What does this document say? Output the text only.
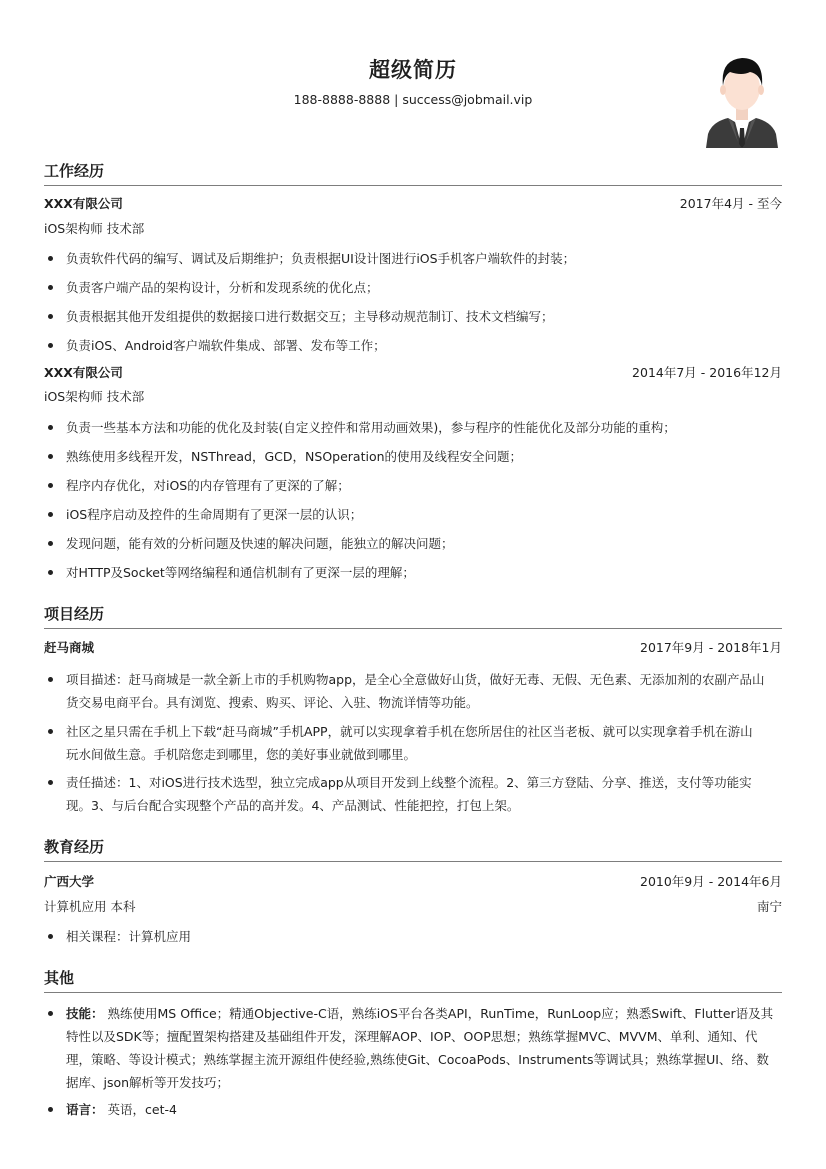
超级简历
188-8888-8888 | success@jobmail.vip
工作经历
XXX有限公司	2017年4月 - 至今
iOS架构师 技术部
负责软件代码的编写、调试及后期维护；负责根据UI设计图进行iOS手机客户端软件的封装；
负责客户端产品的架构设计，分析和发现系统的优化点；
负责根据其他开发组提供的数据接口进行数据交互；主导移动规范制订、技术文档编写；
负责iOS、Android客户端软件集成、部署、发布等工作；
XXX有限公司	2014年7月 - 2016年12月
iOS架构师 技术部
负责一些基本方法和功能的优化及封装(自定义控件和常用动画效果)，参与程序的性能优化及部分功能的重构；
熟练使用多线程开发，NSThread，GCD，NSOperation的使用及线程安全问题；
程序内存优化，对iOS的内存管理有了更深的了解；
iOS程序启动及控件的生命周期有了更深一层的认识；
发现问题，能有效的分析问题及快速的解决问题，能独立的解决问题；
对HTTP及Socket等网络编程和通信机制有了更深一层的理解；
项目经历
赶马商城	2017年9月 - 2018年1月
项目描述：赶马商城是一款全新上市的手机购物app，是全心全意做好山货，做好无毒、无假、无色素、无添加剂的农副产品山
货交易电商平台。具有浏览、搜索、购买、评论、入驻、物流详情等功能。
社区之星只需在手机上下载“赶马商城”手机APP，就可以实现拿着手机在您所居住的社区当老板、就可以实现拿着手机在游山
玩水间做生意。手机陪您走到哪里，您的美好事业就做到哪里。
责任描述：1、对iOS进行技术选型，独立完成app从项目开发到上线整个流程。2、第三方登陆、分享、推送，支付等功能实
现。3、与后台配合实现整个产品的高并发。4、产品测试、性能把控，打包上架。
教育经历
广西大学	2010年9月 - 2014年6月
计算机应用 本科	南宁
相关课程：计算机应用
其他
技能： 熟练使用MS Office；精通Objective-C语，熟练iOS平台各类API，RunTime，RunLoop应；熟悉Swift、Flutter语及其
特性以及SDK等；擅配置架构搭建及基础组件开发，深理解AOP、IOP、OOP思想；熟练掌握MVC、MVVM、单利、通知、代
理，策略、等设计模式；熟练掌握主流开源组件使经验,熟练使Git、CocoaPods、Instruments等调试具；熟练掌握UI、络、数
据库、json解析等开发技巧；
语言： 英语，cet-4
